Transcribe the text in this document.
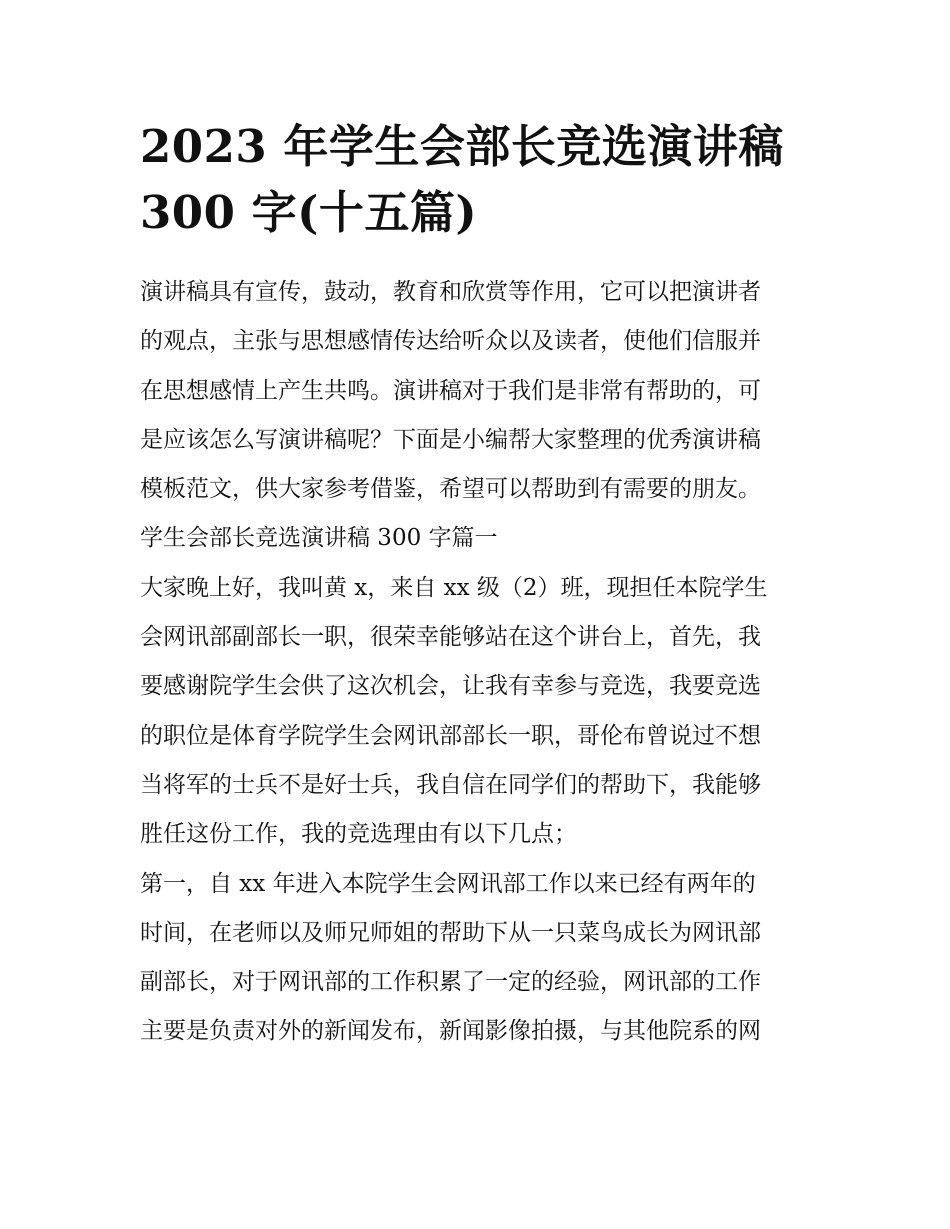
2023 年学生会部长竞选演讲稿
300 字(十五篇)
演讲稿具有宣传，鼓动，教育和欣赏等作用，它可以把演讲者
的观点，主张与思想感情传达给听众以及读者，使他们信服并
在思想感情上产生共鸣。演讲稿对于我们是非常有帮助的，可
是应该怎么写演讲稿呢？下面是小编帮大家整理的优秀演讲稿
模板范文，供大家参考借鉴，希望可以帮助到有需要的朋友。
学生会部长竞选演讲稿 300 字篇一
大家晚上好，我叫黄 x，来自 xx 级（2）班，现担任本院学生
会网讯部副部长一职，很荣幸能够站在这个讲台上，首先，我
要感谢院学生会供了这次机会，让我有幸参与竞选，我要竞选
的职位是体育学院学生会网讯部部长一职，哥伦布曾说过不想
当将军的士兵不是好士兵，我自信在同学们的帮助下，我能够
胜任这份工作，我的竞选理由有以下几点；
第一，自 xx 年进入本院学生会网讯部工作以来已经有两年的
时间，在老师以及师兄师姐的帮助下从一只菜鸟成长为网讯部
副部长，对于网讯部的工作积累了一定的经验，网讯部的工作
主要是负责对外的新闻发布，新闻影像拍摄，与其他院系的网
